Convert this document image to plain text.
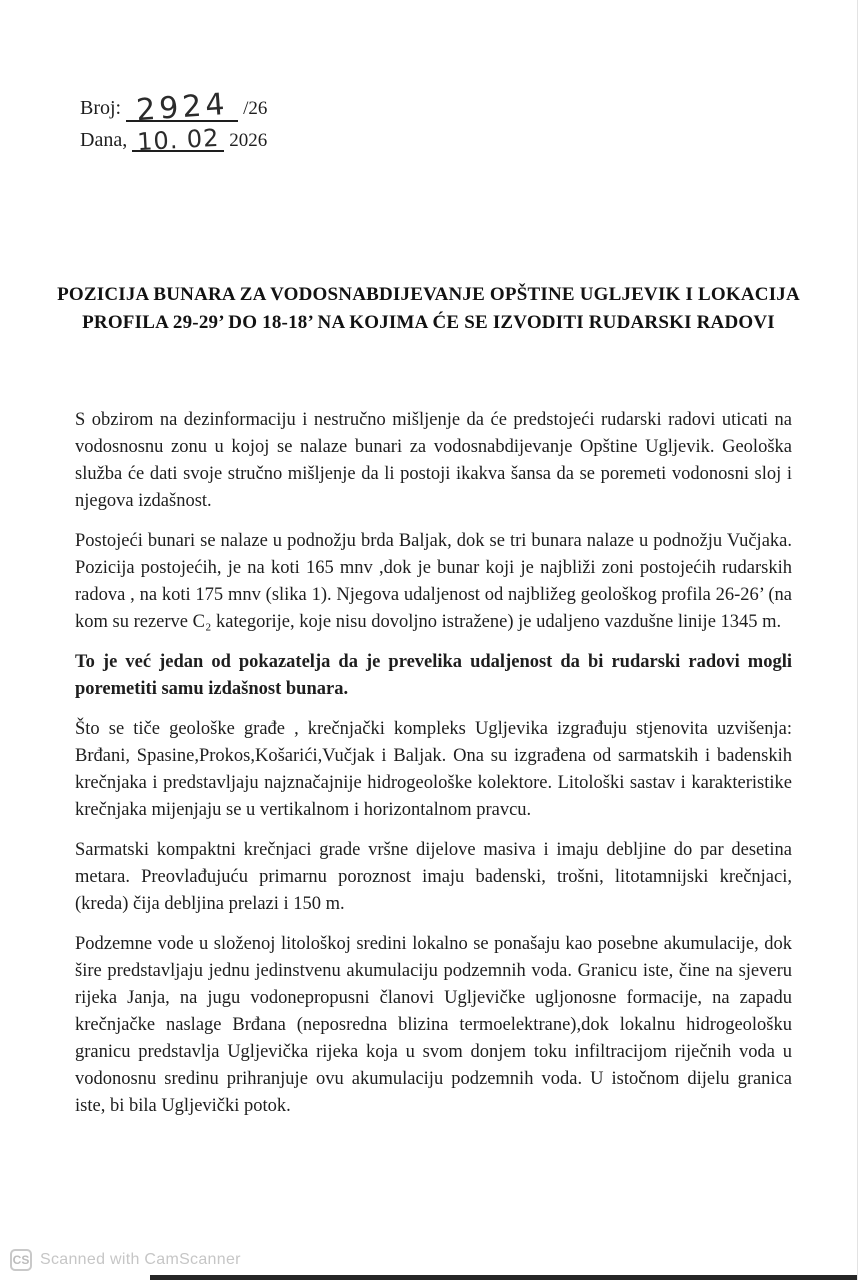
Broj: 2924 /26
Dana, 10. 02 2026
POZICIJA BUNARA ZA VODOSNABDIJEVANJE OPŠTINE UGLJEVIK I LOKACIJA
PROFILA 29-29’ DO 18-18’ NA KOJIMA ĆE SE IZVODITI RUDARSKI RADOVI

S obzirom na dezinformaciju i nestručno mišljenje da će predstojeći rudarski radovi uticati na vodosnosnu zonu u kojoj se nalaze bunari za vodosnabdijevanje Opštine Ugljevik. Geološka služba će dati svoje stručno mišljenje da li postoji ikakva šansa da se poremeti vodonosni sloj i njegova izdašnost.

Postojeći bunari se nalaze u podnožju brda Baljak, dok se tri bunara nalaze u podnožju Vučjaka. Pozicija postojećih, je na koti 165 mnv ,dok je bunar koji je najbliži zoni postojećih rudarskih radova , na koti 175 mnv (slika 1). Njegova udaljenost od najbližeg geološkog profila 26-26’ (na kom su rezerve C₂ kategorije, koje nisu dovoljno istražene) je udaljeno vazdušne linije 1345 m.

To je već jedan od pokazatelja da je prevelika udaljenost da bi rudarski radovi mogli poremetiti samu izdašnost bunara.

Što se tiče geološke građe , krečnjački kompleks Ugljevika izgrađuju stjenovita uzvišenja: Brđani, Spasine,Prokos,Košarići,Vučjak i Baljak. Ona su izgrađena od sarmatskih i badenskih krečnjaka i predstavljaju najznačajnije hidrogeološke kolektore. Litološki sastav i karakteristike krečnjaka mijenjaju se u vertikalnom i horizontalnom pravcu.

Sarmatski kompaktni krečnjaci grade vršne dijelove masiva i imaju debljine do par desetina metara. Preovlađujuću primarnu poroznost imaju badenski, trošni, litotamnijski krečnjaci, (kreda) čija debljina prelazi i 150 m.

Podzemne vode u složenoj litološkoj sredini lokalno se ponašaju kao posebne akumulacije, dok šire predstavljaju jednu jedinstvenu akumulaciju podzemnih voda. Granicu iste, čine na sjeveru rijeka Janja, na jugu vodonepropusni članovi Ugljevičke ugljonosne formacije, na zapadu krečnjačke naslage Brđana (neposredna blizina termoelektrane),dok lokalnu hidrogeološku granicu predstavlja Ugljevička rijeka koja u svom donjem toku infiltracijom riječnih voda u vodonosnu sredinu prihranjuje ovu akumulaciju podzemnih voda. U istočnom dijelu granica iste, bi bila Ugljevički potok.

CS Scanned with CamScanner
